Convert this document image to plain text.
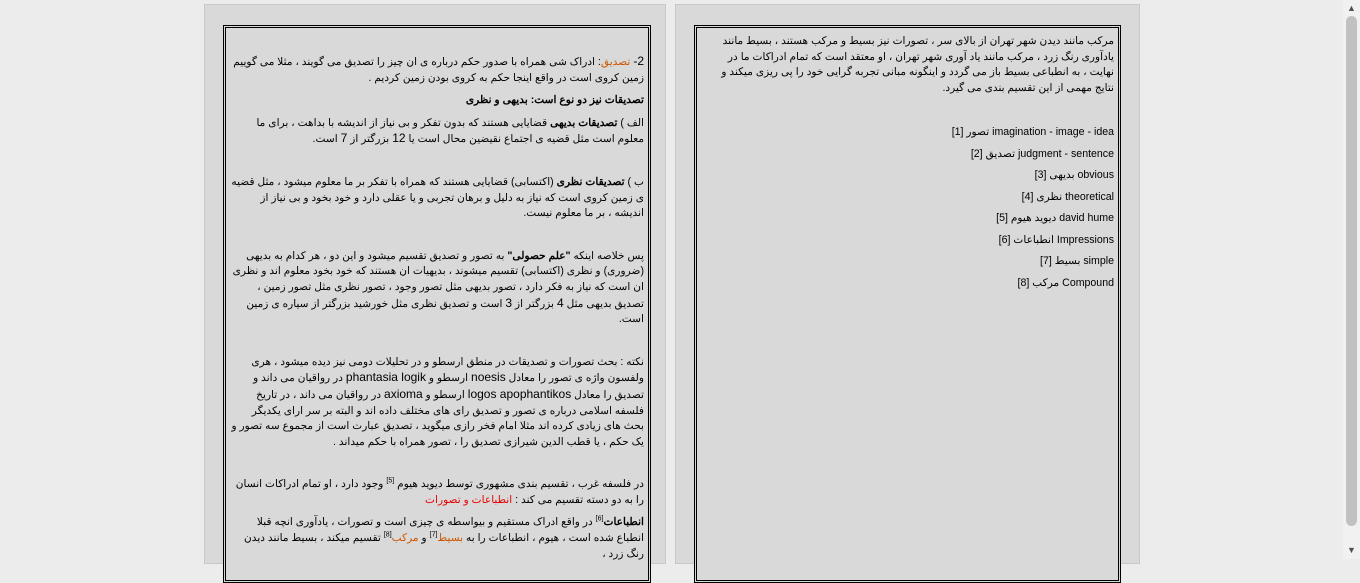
2- تصدیق: ادراک شی همراه با صدور حکم درباره ی ان چیز را تصدیق می گویند ، مثلا می گوییم زمین کروی است در واقع اینجا حکم به کروی بودن زمین کردیم .

تصدیقات نیز دو نوع است: بدیهی و نظری

الف ) تصدیقات بدیهی قضایایی هستند که بدون تفکر و بی نیاز از اندیشه با بداهت ، برای ما معلوم است مثل قضیه ی اجتماع نقیضین محال است یا 12 بزرگتر از 7 است.

ب ) تصدیقات نظری (اکتسابی) قضایایی هستند که همراه با تفکر بر ما معلوم میشود ، مثل قضیه ی زمین کروی است که نیاز به دلیل و برهان تجربی و یا عقلی دارد و خود بخود و بی نیاز از اندیشه ، بر ما معلوم نیست.

پس خلاصه اینکه "علم حصولی" به تصور و تصدیق تقسیم میشود و این دو ، هر کدام به بدیهی (ضروری) و نظری (اکتسابی) تقسیم میشوند ، بدیهیات ان هستند که خود بخود معلوم اند و نظری ان است که نیاز به فکر دارد ، تصور بدیهی مثل تصور وجود ، تصور نظری مثل تصور زمین ، تصدیق بدیهی مثل 4 بزرگتر از 3 است و تصدیق نظری مثل خورشید بزرگتر از سیاره ی زمین است.

نکته : بحث تصورات و تصدیقات در منطق ارسطو و در تحلیلات دومی نیز دیده میشود ، هری ولفسون واژه ی تصور را معادل noesis ارسطو و phantasia logik در رواقیان می داند و تصدیق را معادل logos apophantikos ارسطو و axioma در رواقیان می داند ، در تاریخ فلسفه اسلامی درباره ی تصور و تصدیق رای های مختلف داده اند و البته بر سر ارای یکدیگر بحث های زیادی کرده اند مثلا امام فخر رازی میگوید ، تصدیق عبارت است از مجموع سه تصور و یک حکم ، یا قطب الدین شیرازی تصدیق را ، تصور همراه با حکم میداند .

در فلسفه غرب ، تقسیم بندی مشهوری توسط دیوید هیوم [5] وجود دارد ، او تمام ادراکات انسان را به دو دسته تقسیم می کند : انطباعات و تصورات

انطباعات[6] در واقع ادراک مستقیم و بیواسطه ی چیزی است و تصورات ، یادآوری انچه قبلا انطباع شده است ، هیوم ، انطباعات را به بسیط[7] و مرکب[8] تقسیم میکند ، بسیط مانند دیدن رنگ زرد ،

مرکب مانند دیدن شهر تهران از بالای سر ، تصورات نیز بسیط و مرکب هستند ، بسیط مانند یادآوری رنگ زرد ، مرکب مانند یاد آوری شهر تهران ، او معتقد است که تمام ادراکات ما در نهایت ، به انطباعی بسیط باز می گردد و اینگونه مبانی تجربه گرایی خود را پی ریزی میکند و نتایج مهمی از این تقسیم بندی می گیرد.

[1] تصور imagination - image - idea
[2] تصدیق judgment - sentence
[3] بدیهی obvious
[4] نظری theoretical
[5] دیوید هیوم david hume
[6] انطباعات Impressions
[7] بسیط simple
[8] مرکب Compound
▲
▼
